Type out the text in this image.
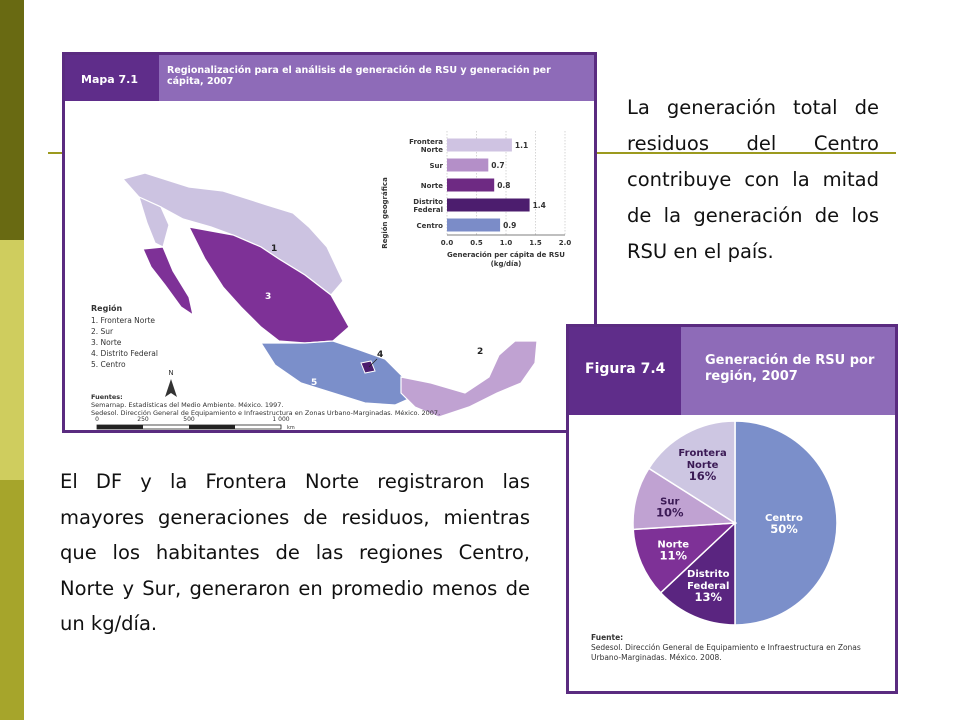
Mapa 7.1
Regionalización para el análisis de generación de RSU y generación per cápita, 2007
1
2
3
4
5
Región
1. Frontera Norte
2. Sur
3. Norte
4. Distrito Federal
5. Centro
N
0	250	500	1 000
km
Región geográfica	0.0 0.5 1.0 1.5 2.0
Frontera
Norte	1.1
Sur	0.7
Norte	0.8
Distrito
Federal	1.4
Centro	0.9
Generación per cápita de RSU
(kg/día)
Fuentes:
Semarnap. Estadísticas del Medio Ambiente. México. 1997.
Sedesol. Dirección General de Equipamiento e Infraestructura en Zonas Urbano-Marginadas. México. 2007.
La generación total de residuos del Centro contribuye con la mitad de la generación de los RSU en el país.
El DF y la Frontera Norte registraron las mayores generaciones de residuos, mientras que los habitantes de las regiones Centro, Norte y Sur, generaron en promedio menos de un kg/día.
Figura 7.4
Generación de RSU por región, 2007
Centro
50%
Distrito
Federal
13%
Norte
11%
Sur
10%
Frontera
Norte
16%
Fuente:
Sedesol. Dirección General de Equipamiento e Infraestructura en Zonas Urbano-Marginadas. México. 2008.
